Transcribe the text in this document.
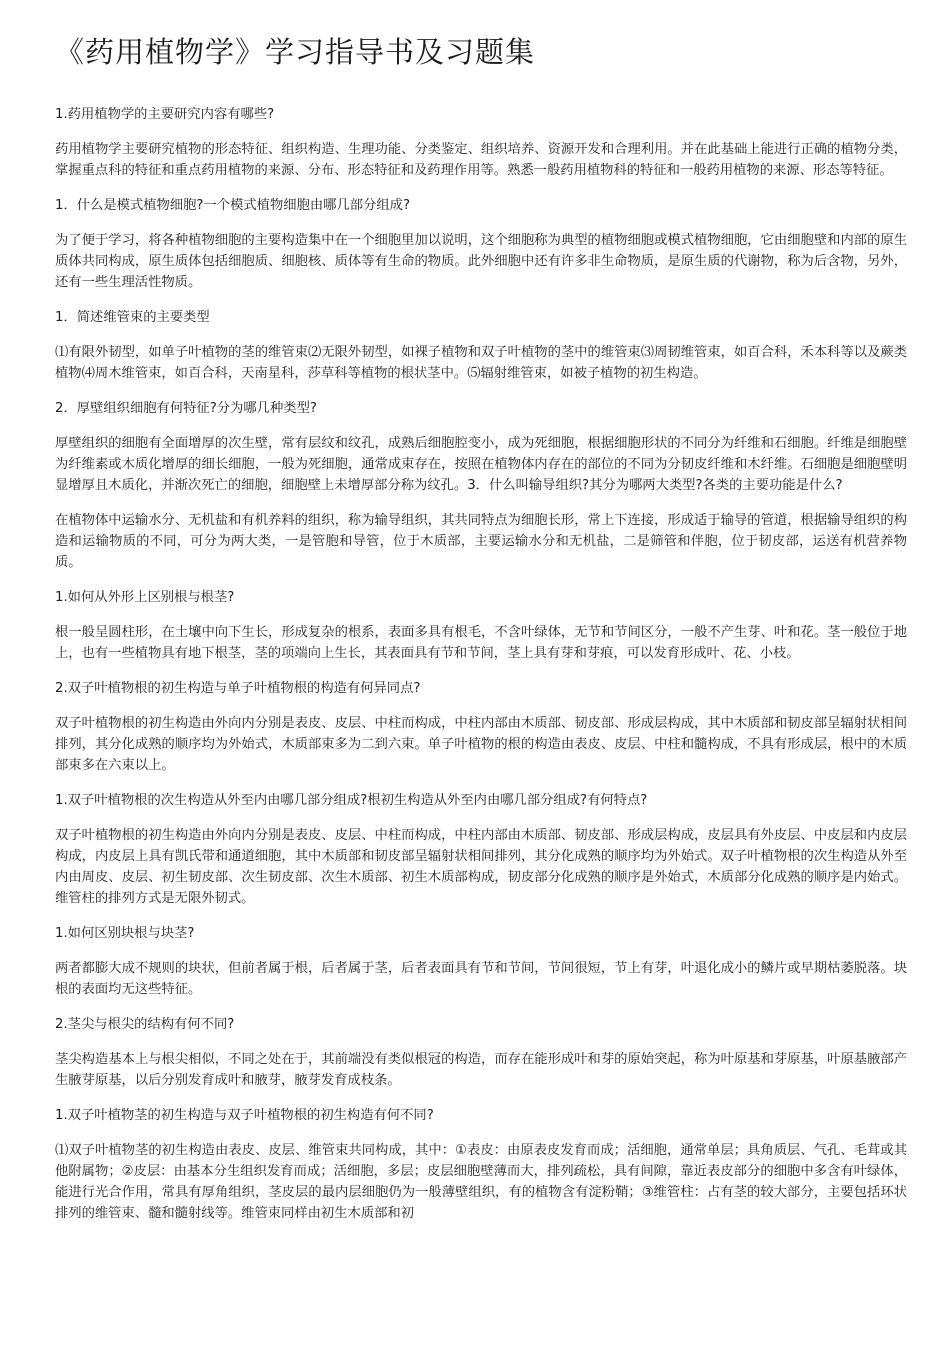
《药用植物学》学习指导书及习题集

1.药用植物学的主要研究内容有哪些?

药用植物学主要研究植物的形态特征、组织构造、生理功能、分类鉴定、组织培养、资源开发和合理利用。并在此基础上能进行正确的植物分类，掌握重点科的特征和重点药用植物的来源、分布、形态特征和及药理作用等。熟悉一般药用植物科的特征和一般药用植物的来源、形态等特征。

1．什么是模式植物细胞?一个模式植物细胞由哪几部分组成?

为了便于学习，将各种植物细胞的主要构造集中在一个细胞里加以说明，这个细胞称为典型的植物细胞或模式植物细胞，它由细胞壁和内部的原生质体共同构成，原生质体包括细胞质、细胞核、质体等有生命的物质。此外细胞中还有许多非生命物质，是原生质的代谢物，称为后含物，另外，还有一些生理活性物质。

1．简述维管束的主要类型

⑴有限外韧型，如单子叶植物的茎的维管束⑵无限外韧型，如裸子植物和双子叶植物的茎中的维管束⑶周韧维管束，如百合科，禾本科等以及蕨类植物⑷周木维管束，如百合科，天南星科，莎草科等植物的根状茎中。⑸辐射维管束，如被子植物的初生构造。

2．厚壁组织细胞有何特征?分为哪几种类型?

厚壁组织的细胞有全面增厚的次生壁，常有层纹和纹孔，成熟后细胞腔变小，成为死细胞，根据细胞形状的不同分为纤维和石细胞。纤维是细胞壁为纤维素或木质化增厚的细长细胞，一般为死细胞，通常成束存在，按照在植物体内存在的部位的不同为分韧皮纤维和木纤维。石细胞是细胞壁明显增厚且木质化，并渐次死亡的细胞，细胞壁上未增厚部分称为纹孔。3．什么叫输导组织?其分为哪两大类型?各类的主要功能是什么?

在植物体中运输水分、无机盐和有机养料的组织，称为输导组织，其共同特点为细胞长形，常上下连接，形成适于输导的管道，根据输导组织的构造和运输物质的不同，可分为两大类，一是管胞和导管，位于木质部，主要运输水分和无机盐，二是筛管和伴胞，位于韧皮部，运送有机营养物质。

1.如何从外形上区别根与根茎?

根一般呈圆柱形，在土壤中向下生长，形成复杂的根系，表面多具有根毛，不含叶绿体，无节和节间区分，一般不产生芽、叶和花。茎一般位于地上，也有一些植物具有地下根茎，茎的项端向上生长，其表面具有节和节间，茎上具有芽和芽痕，可以发育形成叶、花、小枝。

2.双子叶植物根的初生构造与单子叶植物根的构造有何异同点?

双子叶植物根的初生构造由外向内分别是表皮、皮层、中柱而构成，中柱内部由木质部、韧皮部、形成层构成，其中木质部和韧皮部呈辐射状相间排列，其分化成熟的顺序均为外始式，木质部束多为二到六束。单子叶植物的根的构造由表皮、皮层、中柱和髓构成，不具有形成层，根中的木质部束多在六束以上。

1.双子叶植物根的次生构造从外至内由哪几部分组成?根初生构造从外至内由哪几部分组成?有何特点?

双子叶植物根的初生构造由外向内分别是表皮、皮层、中柱而构成，中柱内部由木质部、韧皮部、形成层构成，皮层具有外皮层、中皮层和内皮层构成，内皮层上具有凯氏带和通道细胞，其中木质部和韧皮部呈辐射状相间排列，其分化成熟的顺序均为外始式。双子叶植物根的次生构造从外至内由周皮、皮层、初生韧皮部、次生韧皮部、次生木质部、初生木质部构成，韧皮部分化成熟的顺序是外始式，木质部分化成熟的顺序是内始式。维管柱的排列方式是无限外韧式。

1.如何区别块根与块茎?

两者都膨大成不规则的块状，但前者属于根，后者属于茎，后者表面具有节和节间，节间很短，节上有芽，叶退化成小的鳞片或早期枯萎脱落。块根的表面均无这些特征。

2.茎尖与根尖的结构有何不同?

茎尖构造基本上与根尖相似，不同之处在于，其前端没有类似根冠的构造，而存在能形成叶和芽的原始突起，称为叶原基和芽原基，叶原基腋部产生腋芽原基，以后分别发育成叶和腋芽，腋芽发育成枝条。

1.双子叶植物茎的初生构造与双子叶植物根的初生构造有何不同?

⑴双子叶植物茎的初生构造由表皮、皮层、维管束共同构成，其中：①表皮：由原表皮发育而成；活细胞，通常单层；具角质层、气孔、毛茸或其他附属物；②皮层：由基本分生组织发育而成；活细胞，多层；皮层细胞壁薄而大，排列疏松，具有间隙，靠近表皮部分的细胞中多含有叶绿体，能进行光合作用，常具有厚角组织，茎皮层的最内层细胞仍为一般薄壁组织，有的植物含有淀粉鞘；③维管柱：占有茎的较大部分，主要包括环状排列的维管束、髓和髓射线等。维管束同样由初生木质部和初
